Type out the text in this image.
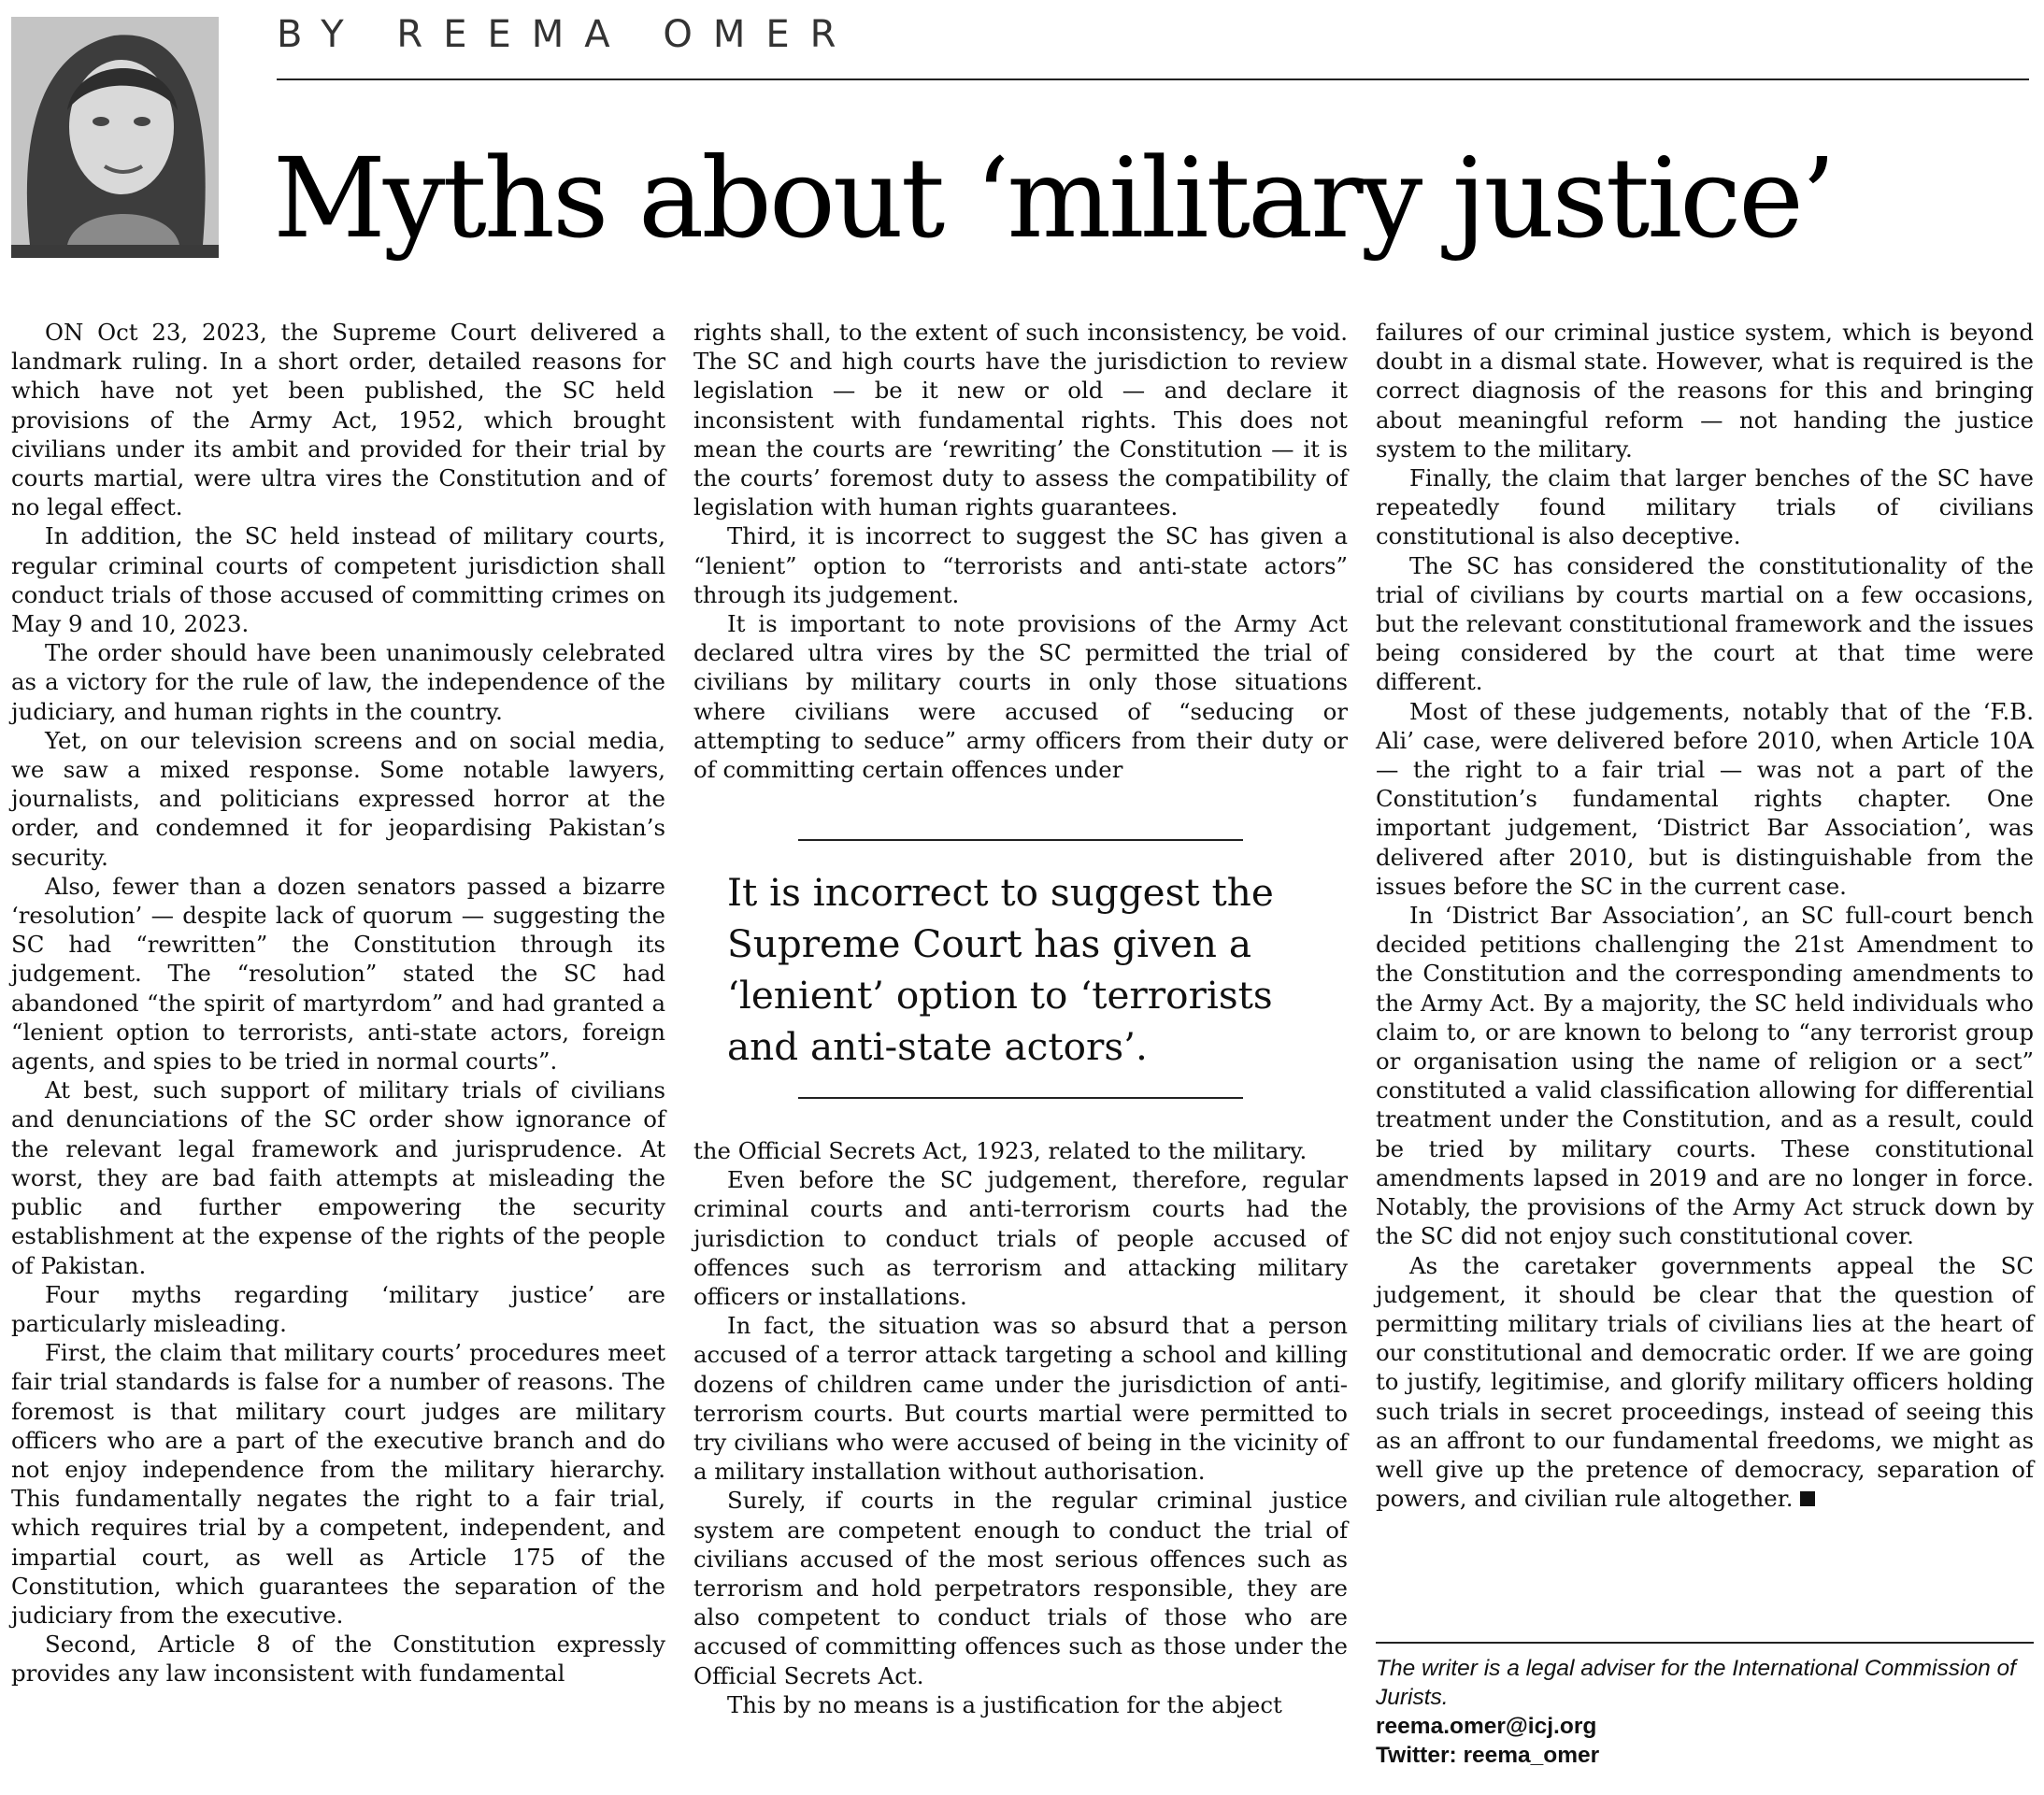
BY REEMA OMER
Myths about ‘military justice’

ON Oct 23, 2023, the Supreme Court delivered a landmark ruling. In a short order, detailed reasons for which have not yet been published, the SC held provisions of the Army Act, 1952, which brought civilians under its ambit and provided for their trial by courts martial, were ultra vires the Constitution and of no legal effect.

In addition, the SC held instead of military courts, regular criminal courts of competent jurisdiction shall conduct trials of those accused of committing crimes on May 9 and 10, 2023.

The order should have been unanimously celebrated as a victory for the rule of law, the independence of the judiciary, and human rights in the country.

Yet, on our television screens and on social media, we saw a mixed response. Some notable lawyers, journalists, and politicians expressed horror at the order, and condemned it for jeopardising Pakistan’s security.

Also, fewer than a dozen senators passed a bizarre ‘resolution’ — despite lack of quorum — suggesting the SC had “rewritten” the Constitution through its judgement. The “resolution” stated the SC had abandoned “the spirit of martyrdom” and had granted a “lenient option to terrorists, anti-state actors, foreign agents, and spies to be tried in normal courts”.

At best, such support of military trials of civilians and denunciations of the SC order show ignorance of the relevant legal framework and jurisprudence. At worst, they are bad faith attempts at misleading the public and further empowering the security establishment at the expense of the rights of the people of Pakistan.

Four myths regarding ‘military justice’ are particularly misleading.

First, the claim that military courts’ procedures meet fair trial standards is false for a number of reasons. The foremost is that military court judges are military officers who are a part of the executive branch and do not enjoy independence from the military hierarchy. This fundamentally negates the right to a fair trial, which requires trial by a competent, independent, and impartial court, as well as Article 175 of the Constitution, which guarantees the separation of the judiciary from the executive.

Second, Article 8 of the Constitution expressly provides any law inconsistent with fundamental

rights shall, to the extent of such inconsistency, be void. The SC and high courts have the jurisdiction to review legislation — be it new or old — and declare it inconsistent with fundamental rights. This does not mean the courts are ‘rewriting’ the Constitution — it is the courts’ foremost duty to assess the compatibility of legislation with human rights guarantees.

Third, it is incorrect to suggest the SC has given a “lenient” option to “terrorists and anti-state actors” through its judgement.

It is important to note provisions of the Army Act declared ultra vires by the SC permitted the trial of civilians by military courts in only those situations where civilians were accused of “seducing or attempting to seduce” army officers from their duty or of committing certain offences under

It is incorrect to suggest the Supreme Court has given a ‘lenient’ option to ‘terrorists and anti-state actors’.

the Official Secrets Act, 1923, related to the military.

Even before the SC judgement, therefore, regular criminal courts and anti-terrorism courts had the jurisdiction to conduct trials of people accused of offences such as terrorism and attacking military officers or installations.

In fact, the situation was so absurd that a person accused of a terror attack targeting a school and killing dozens of children came under the jurisdiction of anti-terrorism courts. But courts martial were permitted to try civilians who were accused of being in the vicinity of a military installation without authorisation.

Surely, if courts in the regular criminal justice system are competent enough to conduct the trial of civilians accused of the most serious offences such as terrorism and hold perpetrators responsible, they are also competent to conduct trials of those who are accused of committing offences such as those under the Official Secrets Act.

This by no means is a justification for the abject

failures of our criminal justice system, which is beyond doubt in a dismal state. However, what is required is the correct diagnosis of the reasons for this and bringing about meaningful reform — not handing the justice system to the military.

Finally, the claim that larger benches of the SC have repeatedly found military trials of civilians constitutional is also deceptive.

The SC has considered the constitutionality of the trial of civilians by courts martial on a few occasions, but the relevant constitutional framework and the issues being considered by the court at that time were different.

Most of these judgements, notably that of the ‘F.B. Ali’ case, were delivered before 2010, when Article 10A — the right to a fair trial — was not a part of the Constitution’s fundamental rights chapter. One important judgement, ‘District Bar Association’, was delivered after 2010, but is distinguishable from the issues before the SC in the current case.

In ‘District Bar Association’, an SC full-court bench decided petitions challenging the 21st Amendment to the Constitution and the corresponding amendments to the Army Act. By a majority, the SC held individuals who claim to, or are known to belong to “any terrorist group or organisation using the name of religion or a sect” constituted a valid classification allowing for differential treatment under the Constitution, and as a result, could be tried by military courts. These constitutional amendments lapsed in 2019 and are no longer in force. Notably, the provisions of the Army Act struck down by the SC did not enjoy such constitutional cover.

As the caretaker governments appeal the SC judgement, it should be clear that the question of permitting military trials of civilians lies at the heart of our constitutional and democratic order. If we are going to justify, legitimise, and glorify military officers holding such trials in secret proceedings, instead of seeing this as an affront to our fundamental freedoms, we might as well give up the pretence of democracy, separation of powers, and civilian rule altogether.

The writer is a legal adviser for the International Commission of Jurists.
reema.omer@icj.org
Twitter: reema_omer
